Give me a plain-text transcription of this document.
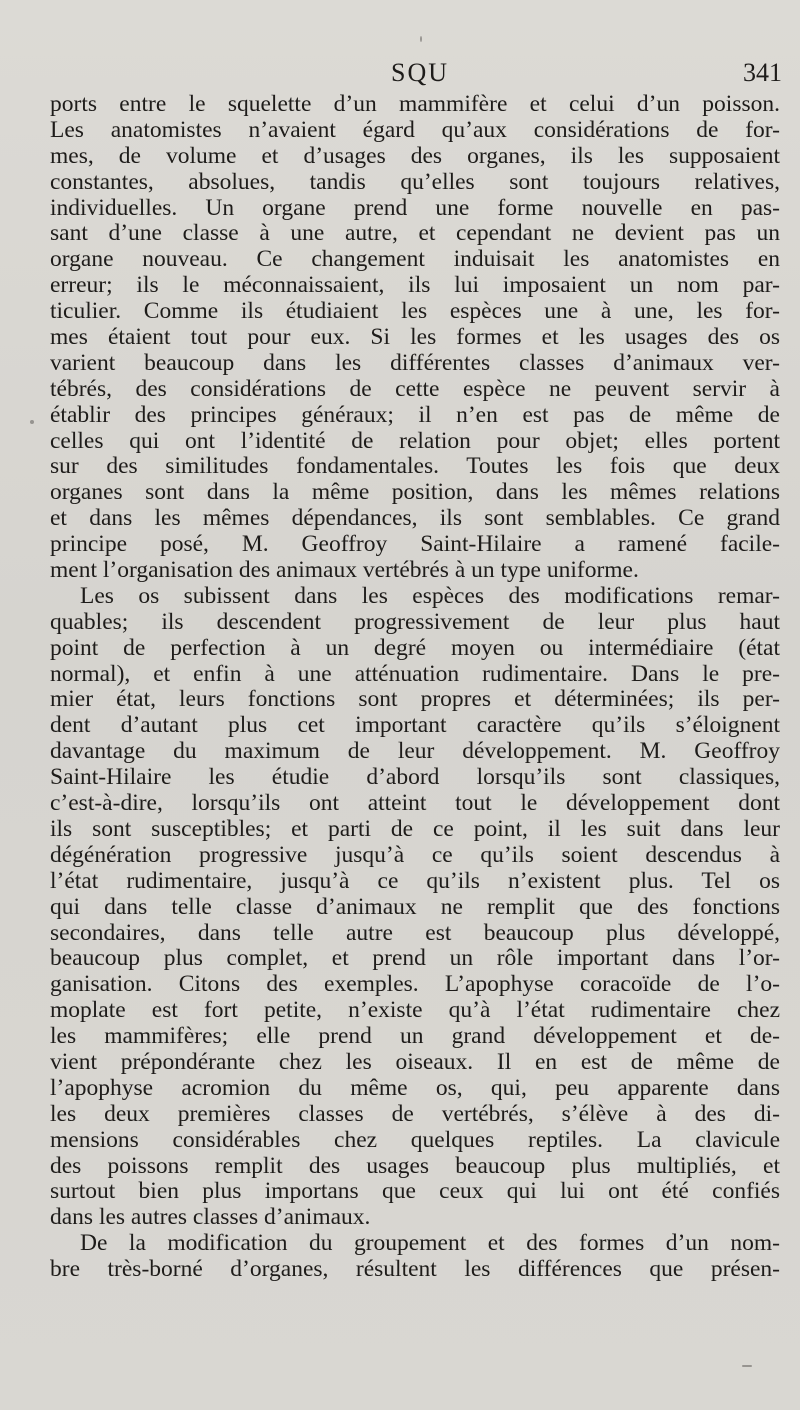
SQU	341
ports entre le squelette d’un mammifère et celui d’un poisson.
Les anatomistes n’avaient égard qu’aux considérations de for-
mes, de volume et d’usages des organes, ils les supposaient
constantes, absolues, tandis qu’elles sont toujours relatives,
individuelles. Un organe prend une forme nouvelle en pas-
sant d’une classe à une autre, et cependant ne devient pas un
organe nouveau. Ce changement induisait les anatomistes en
erreur; ils le méconnaissaient, ils lui imposaient un nom par-
ticulier. Comme ils étudiaient les espèces une à une, les for-
mes étaient tout pour eux. Si les formes et les usages des os
varient beaucoup dans les différentes classes d’animaux ver-
tébrés, des considérations de cette espèce ne peuvent servir à
établir des principes généraux; il n’en est pas de même de
celles qui ont l’identité de relation pour objet; elles portent
sur des similitudes fondamentales. Toutes les fois que deux
organes sont dans la même position, dans les mêmes relations
et dans les mêmes dépendances, ils sont semblables. Ce grand
principe posé, M. Geoffroy Saint-Hilaire a ramené facile-
ment l’organisation des animaux vertébrés à un type uniforme.
Les os subissent dans les espèces des modifications remar-
quables; ils descendent progressivement de leur plus haut
point de perfection à un degré moyen ou intermédiaire (état
normal), et enfin à une atténuation rudimentaire. Dans le pre-
mier état, leurs fonctions sont propres et déterminées; ils per-
dent d’autant plus cet important caractère qu’ils s’éloignent
davantage du maximum de leur développement. M. Geoffroy
Saint-Hilaire les étudie d’abord lorsqu’ils sont classiques,
c’est-à-dire, lorsqu’ils ont atteint tout le développement dont
ils sont susceptibles; et parti de ce point, il les suit dans leur
dégénération progressive jusqu’à ce qu’ils soient descendus à
l’état rudimentaire, jusqu’à ce qu’ils n’existent plus. Tel os
qui dans telle classe d’animaux ne remplit que des fonctions
secondaires, dans telle autre est beaucoup plus développé,
beaucoup plus complet, et prend un rôle important dans l’or-
ganisation. Citons des exemples. L’apophyse coracoïde de l’o-
moplate est fort petite, n’existe qu’à l’état rudimentaire chez
les mammifères; elle prend un grand développement et de-
vient prépondérante chez les oiseaux. Il en est de même de
l’apophyse acromion du même os, qui, peu apparente dans
les deux premières classes de vertébrés, s’élève à des di-
mensions considérables chez quelques reptiles. La clavicule
des poissons remplit des usages beaucoup plus multipliés, et
surtout bien plus importans que ceux qui lui ont été confiés
dans les autres classes d’animaux.
De la modification du groupement et des formes d’un nom-
bre très-borné d’organes, résultent les différences que présen-
